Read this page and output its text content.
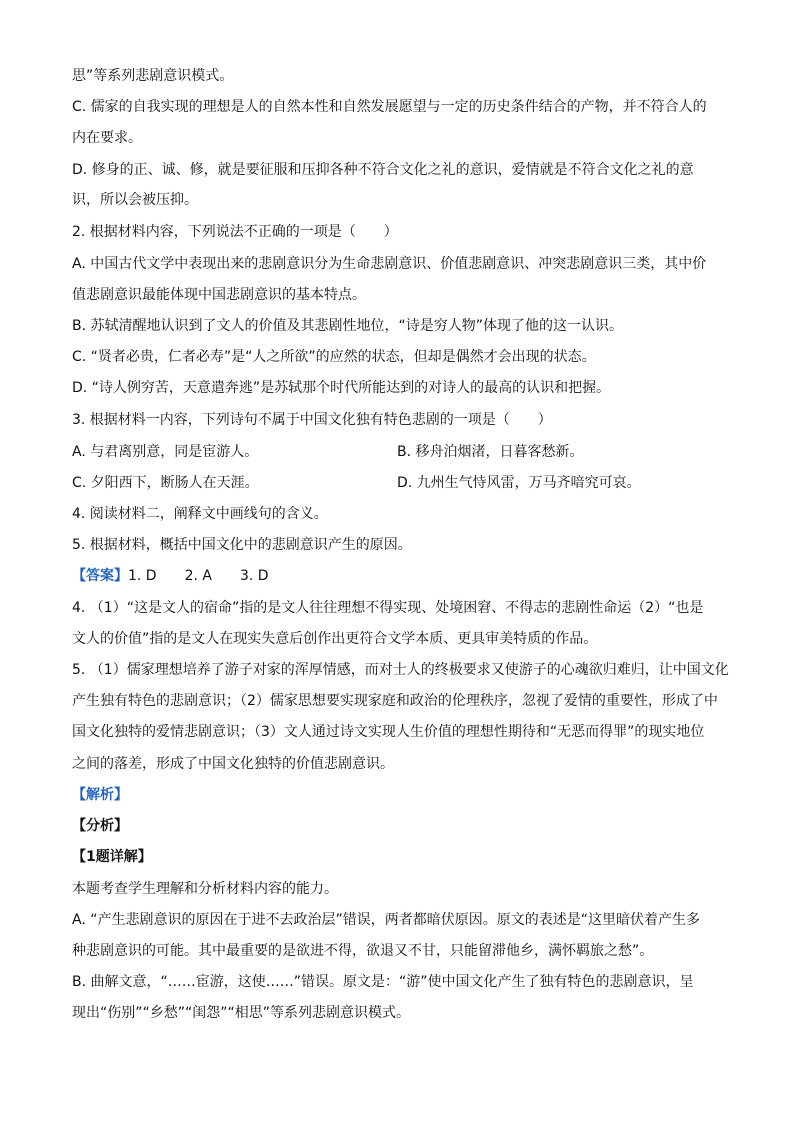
思”等系列悲剧意识模式。
C. 儒家的自我实现的理想是人的自然本性和自然发展愿望与一定的历史条件结合的产物，并不符合人的
内在要求。
D. 修身的正、诚、修，就是要征服和压抑各种不符合文化之礼的意识，爱情就是不符合文化之礼的意
识，所以会被压抑。
2. 根据材料内容，下列说法不正确的一项是（　　）
A. 中国古代文学中表现出来的悲剧意识分为生命悲剧意识、价值悲剧意识、冲突悲剧意识三类，其中价
值悲剧意识最能体现中国悲剧意识的基本特点。
B. 苏轼清醒地认识到了文人的价值及其悲剧性地位，“诗是穷人物”体现了他的这一认识。
C. “贤者必贵，仁者必寿”是“人之所欲”的应然的状态，但却是偶然才会出现的状态。
D. “诗人例穷苦，天意遣奔逃”是苏轼那个时代所能达到的对诗人的最高的认识和把握。
3. 根据材料一内容，下列诗句不属于中国文化独有特色悲剧的一项是（　　）
A. 与君离别意，同是宦游人。	B. 移舟泊烟渚，日暮客愁新。
C. 夕阳西下，断肠人在天涯。	D. 九州生气恃风雷，万马齐喑究可哀。
4. 阅读材料二，阐释文中画线句的含义。
5. 根据材料，概括中国文化中的悲剧意识产生的原因。
【答案】1. D　　2. A　　3. D
4. （1）“这是文人的宿命”指的是文人往往理想不得实现、处境困窘、不得志的悲剧性命运（2）“也是
文人的价值”指的是文人在现实失意后创作出更符合文学本质、更具审美特质的作品。
5. （1）儒家理想培养了游子对家的浑厚情感，而对士人的终极要求又使游子的心魂欲归难归，让中国文化
产生独有特色的悲剧意识；（2）儒家思想要实现家庭和政治的伦理秩序，忽视了爱情的重要性，形成了中
国文化独特的爱情悲剧意识；（3）文人通过诗文实现人生价值的理想性期待和“无恶而得罪”的现实地位
之间的落差，形成了中国文化独特的价值悲剧意识。
【解析】
【分析】
【1题详解】
本题考查学生理解和分析材料内容的能力。
A. “产生悲剧意识的原因在于进不去政治层”错误，两者都暗伏原因。原文的表述是“这里暗伏着产生多
种悲剧意识的可能。其中最重要的是欲进不得，欲退又不甘，只能留滞他乡，满怀羁旅之愁”。
B. 曲解文意，“……宦游，这使……”错误。原文是：“游”使中国文化产生了独有特色的悲剧意识，呈
现出“伤别”“乡愁”“闺怨”“相思”等系列悲剧意识模式。
